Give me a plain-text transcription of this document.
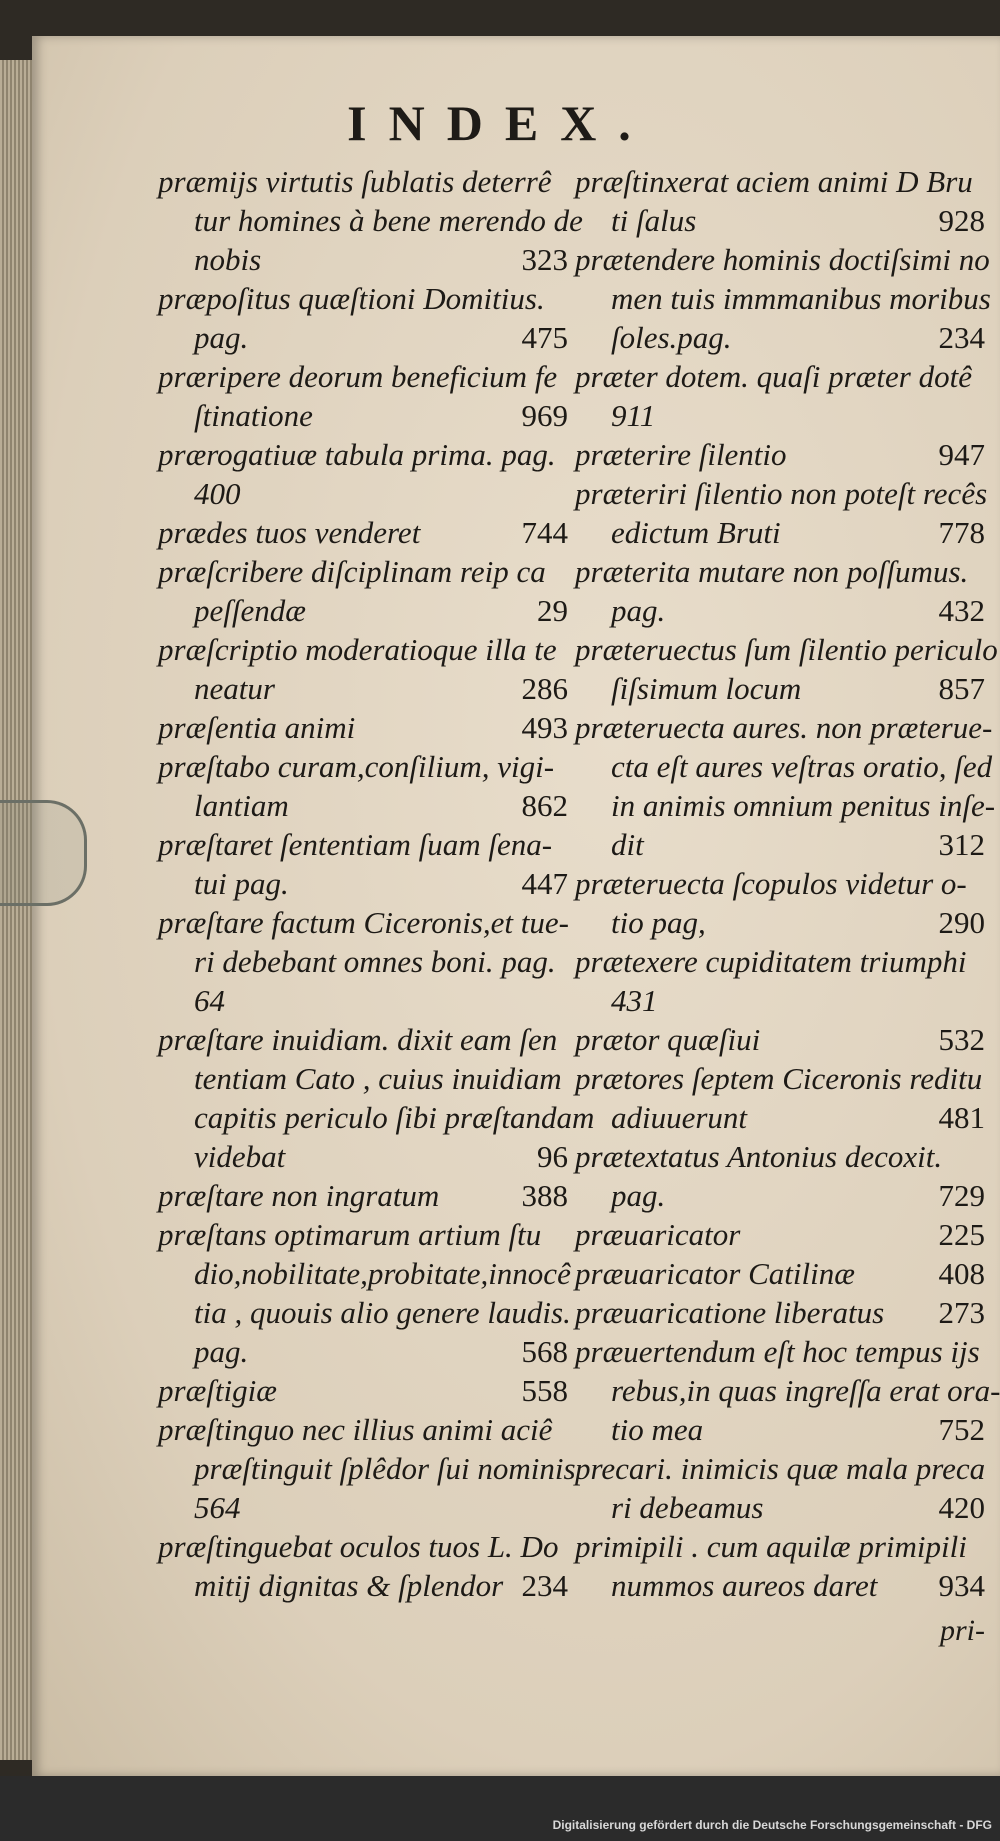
INDEX.
præmijs virtutis ſublatis deterrê
tur homines à bene merendo de
nobis	323
præpoſitus quæſtioni Domitius.
pag.	475
præripere deorum beneficium fe
ſtinatione	969
prærogatiuæ tabula prima. pag.
400
prædes tuos venderet	744
præſcribere diſciplinam reip ca
peſſendæ	29
præſcriptio moderatioque illa te
neatur	286
præſentia animi	493
præſtabo curam,conſilium, vigi-
lantiam	862
præſtaret ſententiam ſuam ſena-
tui pag.	447
præſtare factum Ciceronis,et tue-
ri debebant omnes boni. pag.
64
præſtare inuidiam. dixit eam ſen
tentiam Cato , cuius inuidiam
capitis periculo ſibi præſtandam
videbat	96
præſtare non ingratum	388
præſtans optimarum artium ſtu
dio,nobilitate,probitate,innocê
tia , quouis alio genere laudis.
pag.	568
præſtigiæ	558
præſtinguo nec illius animi aciê
præſtinguit ſplêdor ſui nominis
564
præſtinguebat oculos tuos L. Do
mitij dignitas & ſplendor 234
præſtinxerat aciem animi D Bru
ti ſalus	928
prætendere hominis doctiſsimi no
men tuis immmanibus moribus
ſoles.pag.	234
præter dotem. quaſi præter dotê
911
præterire ſilentio	947
præteriri ſilentio non poteſt recês
edictum Bruti	778
præterita mutare non poſſumus.
pag.	432
præteruectus ſum ſilentio periculo
ſiſsimum locum	857
præteruecta aures. non præterue-
cta eſt aures veſtras oratio, ſed
in animis omnium penitus inſe-
dit	312
præteruecta ſcopulos videtur o-
tio pag,	290
prætexere cupiditatem triumphi
431
prætor quæſiui	532
prætores ſeptem Ciceronis reditu
adiuuerunt	481
prætextatus Antonius decoxit.
pag.	729
præuaricator	225
præuaricator Catilinæ	408
præuaricatione liberatus 273
præuertendum eſt hoc tempus ijs
rebus,in quas ingreſſa erat ora-
tio mea	752
precari. inimicis quæ mala preca
ri debeamus	420
primipili . cum aquilæ primipili
nummos aureos daret 934
pri-
Digitalisierung gefördert durch die Deutsche Forschungsgemeinschaft - DFG
